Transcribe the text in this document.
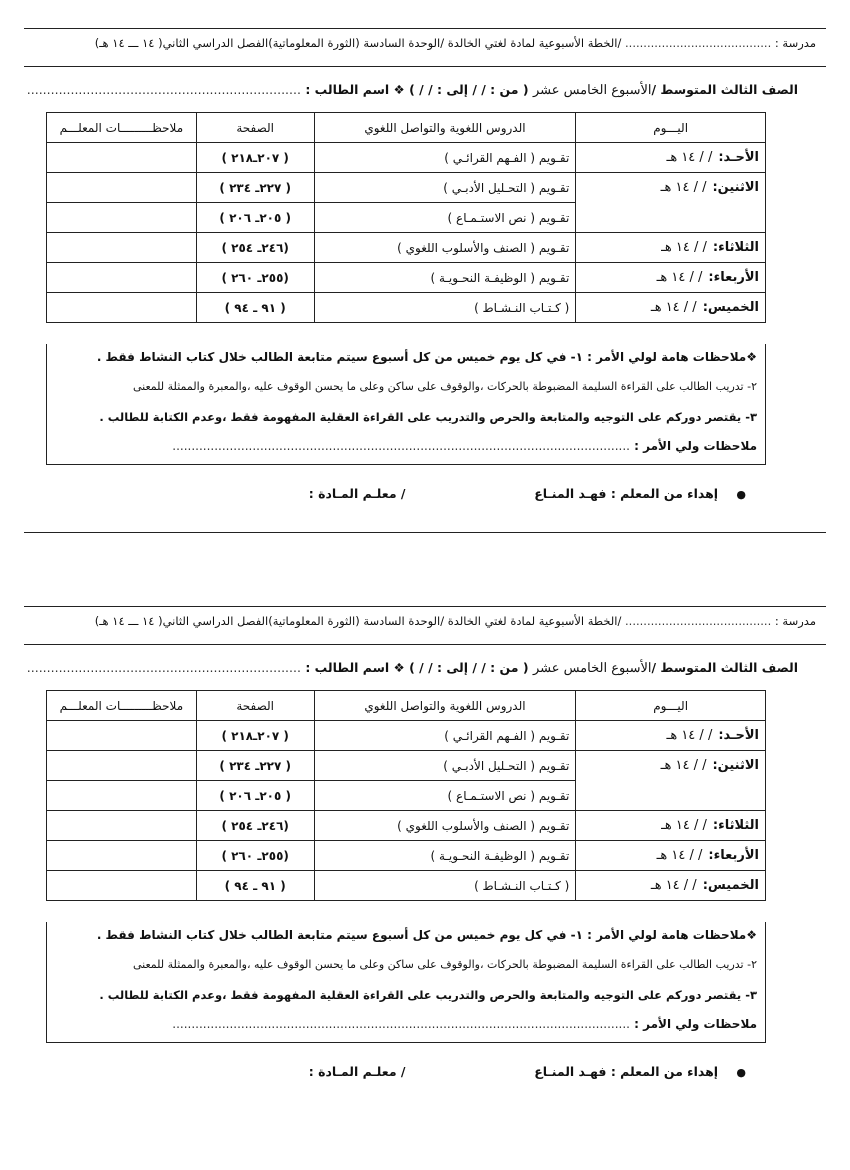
مدرسة : ........................................ /الخطة الأسبوعية لمادة لغتي الخالدة /الوحدة السادسة (الثورة المعلوماتية)الفصل الدراسي الثاني( ١٤ ـــ ١٤ هـ)
الصف الثالث المتوسط /الأسبوع الخامس عشر ( من : / / إلى : / / ) ❖ اسم الطالب : .....................................................................
اليـــوم	الدروس اللغوية والتواصل اللغوي	الصفحة	ملاحظـــــــــات المعلـــم
الأحـد:/ / ١٤ هـ	تقـويم ( الفـهم القرائـي )	( ٢٠٧ـ٢١٨ )	
الاثنين:/ / ١٤ هـ	تقـويم ( التحـليل الأدبـي )	( ٢٢٧ـ ٢٣٤ )	
	تقـويم ( نص الاستـمـاع )	( ٢٠٥ـ ٢٠٦ )	
الثلاثاء:/ / ١٤ هـ	تقـويم ( الصنف والأسلوب اللغوي )	(٢٤٦ـ ٢٥٤ )	
الأربعاء:/ / ١٤ هـ	تقـويم ( الوظيفـة النحـويـة )	(٢٥٥ـ ٢٦٠ )	
الخميس:/ / ١٤ هـ	( كـتـاب النـشـاط )	( ٩١ ـ ٩٤ )	
❖ملاحظات هامة لولي الأمر : ١- في كل يوم خميس من كل أسبوع سيتم متابعة الطالب خلال كتاب النشاط فقط .
٢- تدريب الطالب على القراءة السليمة المضبوطة بالحركات ،والوقوف على ساكن وعلى ما يحسن الوقوف عليه ،والمعبرة والممثلة للمعنى
٣- يقتصر دوركم على التوجيه والمتابعة والحرص والتدريب على القراءة العقلية المفهومة فقط ،وعدم الكتابة للطالب .
ملاحظات ولي الأمر : ........................................................................................................................
● إهداء من المعلم : فهـد المنـاع  / معلـم المـادة :
مدرسة : ........................................ /الخطة الأسبوعية لمادة لغتي الخالدة /الوحدة السادسة (الثورة المعلوماتية)الفصل الدراسي الثاني( ١٤ ـــ ١٤ هـ)
الصف الثالث المتوسط /الأسبوع الخامس عشر ( من : / / إلى : / / ) ❖ اسم الطالب : .....................................................................
اليـــوم	الدروس اللغوية والتواصل اللغوي	الصفحة	ملاحظـــــــــات المعلـــم
الأحـد:/ / ١٤ هـ	تقـويم ( الفـهم القرائـي )	( ٢٠٧ـ٢١٨ )	
الاثنين:/ / ١٤ هـ	تقـويم ( التحـليل الأدبـي )	( ٢٢٧ـ ٢٣٤ )	
	تقـويم ( نص الاستـمـاع )	( ٢٠٥ـ ٢٠٦ )	
الثلاثاء:/ / ١٤ هـ	تقـويم ( الصنف والأسلوب اللغوي )	(٢٤٦ـ ٢٥٤ )	
الأربعاء:/ / ١٤ هـ	تقـويم ( الوظيفـة النحـويـة )	(٢٥٥ـ ٢٦٠ )	
الخميس:/ / ١٤ هـ	( كـتـاب النـشـاط )	( ٩١ ـ ٩٤ )	
❖ملاحظات هامة لولي الأمر : ١- في كل يوم خميس من كل أسبوع سيتم متابعة الطالب خلال كتاب النشاط فقط .
٢- تدريب الطالب على القراءة السليمة المضبوطة بالحركات ،والوقوف على ساكن وعلى ما يحسن الوقوف عليه ،والمعبرة والممثلة للمعنى
٣- يقتصر دوركم على التوجيه والمتابعة والحرص والتدريب على القراءة العقلية المفهومة فقط ،وعدم الكتابة للطالب .
ملاحظات ولي الأمر : ........................................................................................................................
● إهداء من المعلم : فهـد المنـاع  / معلـم المـادة :
